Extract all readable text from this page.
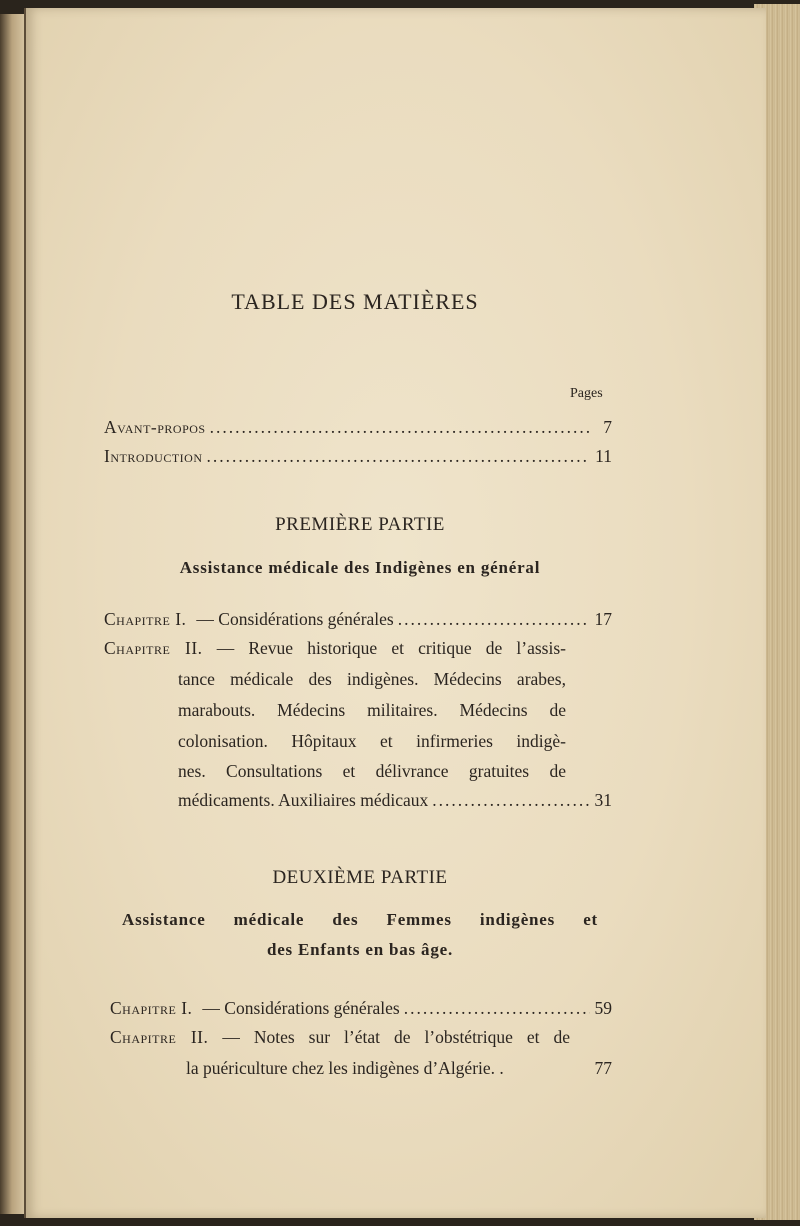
TABLE DES MATIÈRES
Pages
Avant-propos .....	7
Introduction .....	11
PREMIÈRE PARTIE
Assistance médicale des Indigènes en général
Chapitre I. — Considérations générales .....	17
Chapitre II. — Revue historique et critique de l’assis-
tance médicale des indigènes. Médecins arabes,
marabouts. Médecins militaires. Médecins de
colonisation. Hôpitaux et infirmeries indigè-
nes. Consultations et délivrance gratuites de
médicaments. Auxiliaires médicaux .....	31
DEUXIÈME PARTIE
Assistance médicale des Femmes indigènes et
des Enfants en bas âge.
Chapitre I. — Considérations générales .....	59
Chapitre II. — Notes sur l’état de l’obstétrique et de
la puériculture chez les indigènes d’Algérie. .	77
